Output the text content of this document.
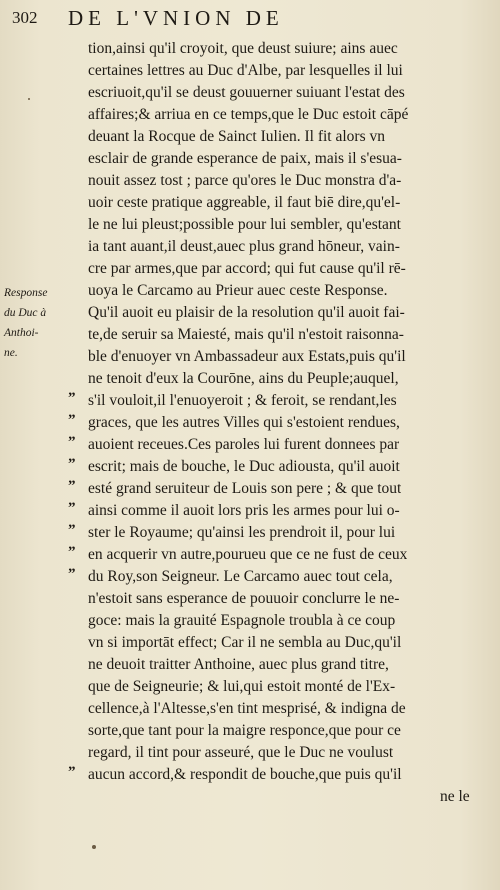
302 DE L'VNION DE
Response
du Duc à
Anthoi-
ne.
tion,ainsi qu'il croyoit, que deust suiure; ains auec
certaines lettres au Duc d'Albe, par lesquelles il lui
escriuoit,qu'il se deust gouuerner suiuant l'estat des
affaires;& arriua en ce temps,que le Duc estoit cāpé
deuant la Rocque de Sainct Iulien. Il fit alors vn
esclair de grande esperance de paix, mais il s'esua-
nouit assez tost ; parce qu'ores le Duc monstra d'a-
uoir ceste pratique aggreable, il faut biē dire,qu'el-
le ne lui pleust;possible pour lui sembler, qu'estant
ia tant auant,il deust,auec plus grand hōneur, vain-
cre par armes,que par accord; qui fut cause qu'il rē-
uoya le Carcamo au Prieur auec ceste Response.
Qu'il auoit eu plaisir de la resolution qu'il auoit fai-
te,de seruir sa Maiesté, mais qu'il n'estoit raisonna-
ble d'enuoyer vn Ambassadeur aux Estats,puis qu'il
ne tenoit d'eux la Courōne, ains du Peuple;auquel,
” s'il vouloit,il l'enuoyeroit ; & feroit, se rendant,les
” graces, que les autres Villes qui s'estoient rendues,
” auoient receues.Ces paroles lui furent donnees par
” escrit; mais de bouche, le Duc adiousta, qu'il auoit
” esté grand seruiteur de Louis son pere ; & que tout
” ainsi comme il auoit lors pris les armes pour lui o-
” ster le Royaume; qu'ainsi les prendroit il, pour lui
” en acquerir vn autre,pourueu que ce ne fust de ceux
” du Roy,son Seigneur. Le Carcamo auec tout cela,
n'estoit sans esperance de pouuoir conclurre le ne-
goce: mais la grauité Espagnole troubla à ce coup
vn si importāt effect; Car il ne sembla au Duc,qu'il
ne deuoit traitter Anthoine, auec plus grand titre,
que de Seigneurie; & lui,qui estoit monté de l'Ex-
cellence,à l'Altesse,s'en tint mesprisé, & indigna de
sorte,que tant pour la maigre responce,que pour ce
regard, il tint pour asseuré, que le Duc ne voulust
” aucun accord,& respondit de bouche,que puis qu'il
ne le
